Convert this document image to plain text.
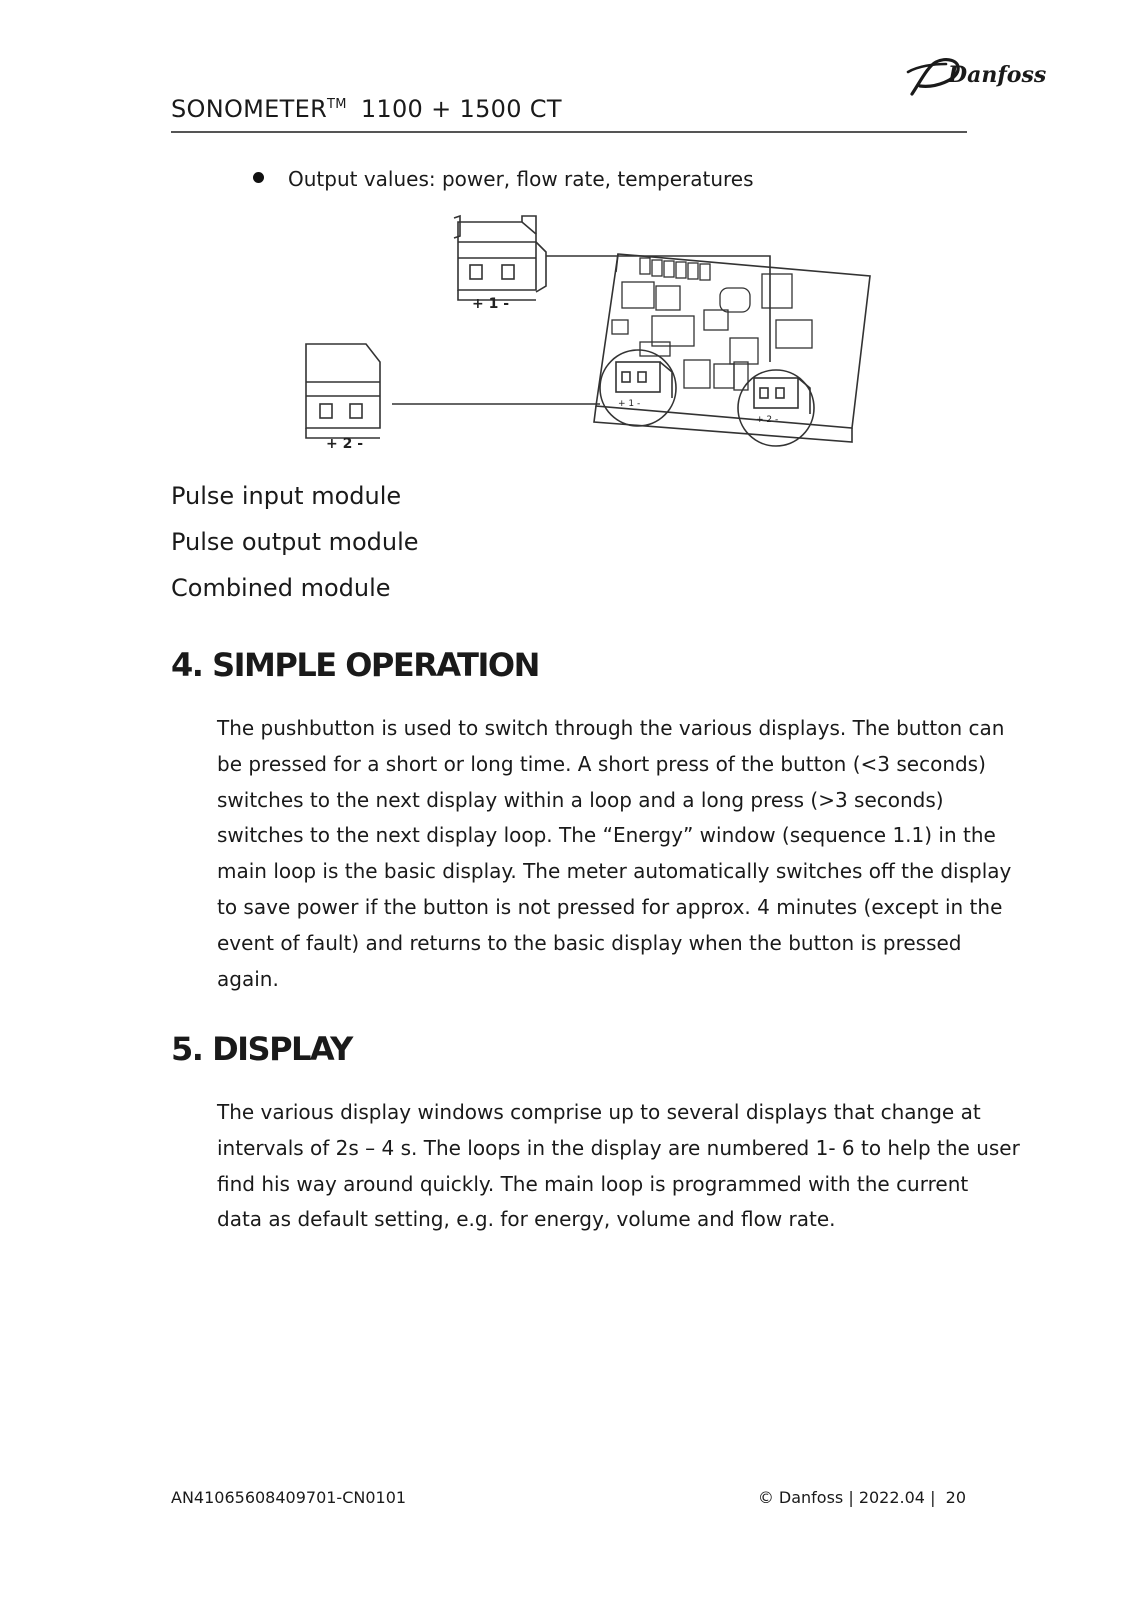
SONOMETER™ 1100 + 1500 CT
Danfoss
Output values: power, flow rate, temperatures
+ 1 -
+ 2 -
+ 1 -
+ 2 -
Pulse input module
Pulse output module
Combined module
4. SIMPLE OPERATION
The pushbutton is used to switch through the various displays. The button can
be pressed for a short or long time. A short press of the button (<3 seconds)
switches to the next display within a loop and a long press (>3 seconds)
switches to the next display loop. The “Energy” window (sequence 1.1) in the
main loop is the basic display. The meter automatically switches off the display
to save power if the button is not pressed for approx. 4 minutes (except in the
event of fault) and returns to the basic display when the button is pressed
again.
5. DISPLAY
The various display windows comprise up to several displays that change at
intervals of 2s – 4 s. The loops in the display are numbered 1- 6 to help the user
find his way around quickly. The main loop is programmed with the current
data as default setting, e.g. for energy, volume and flow rate.
AN41065608409701-CN0101	© Danfoss | 2022.04 | 20
